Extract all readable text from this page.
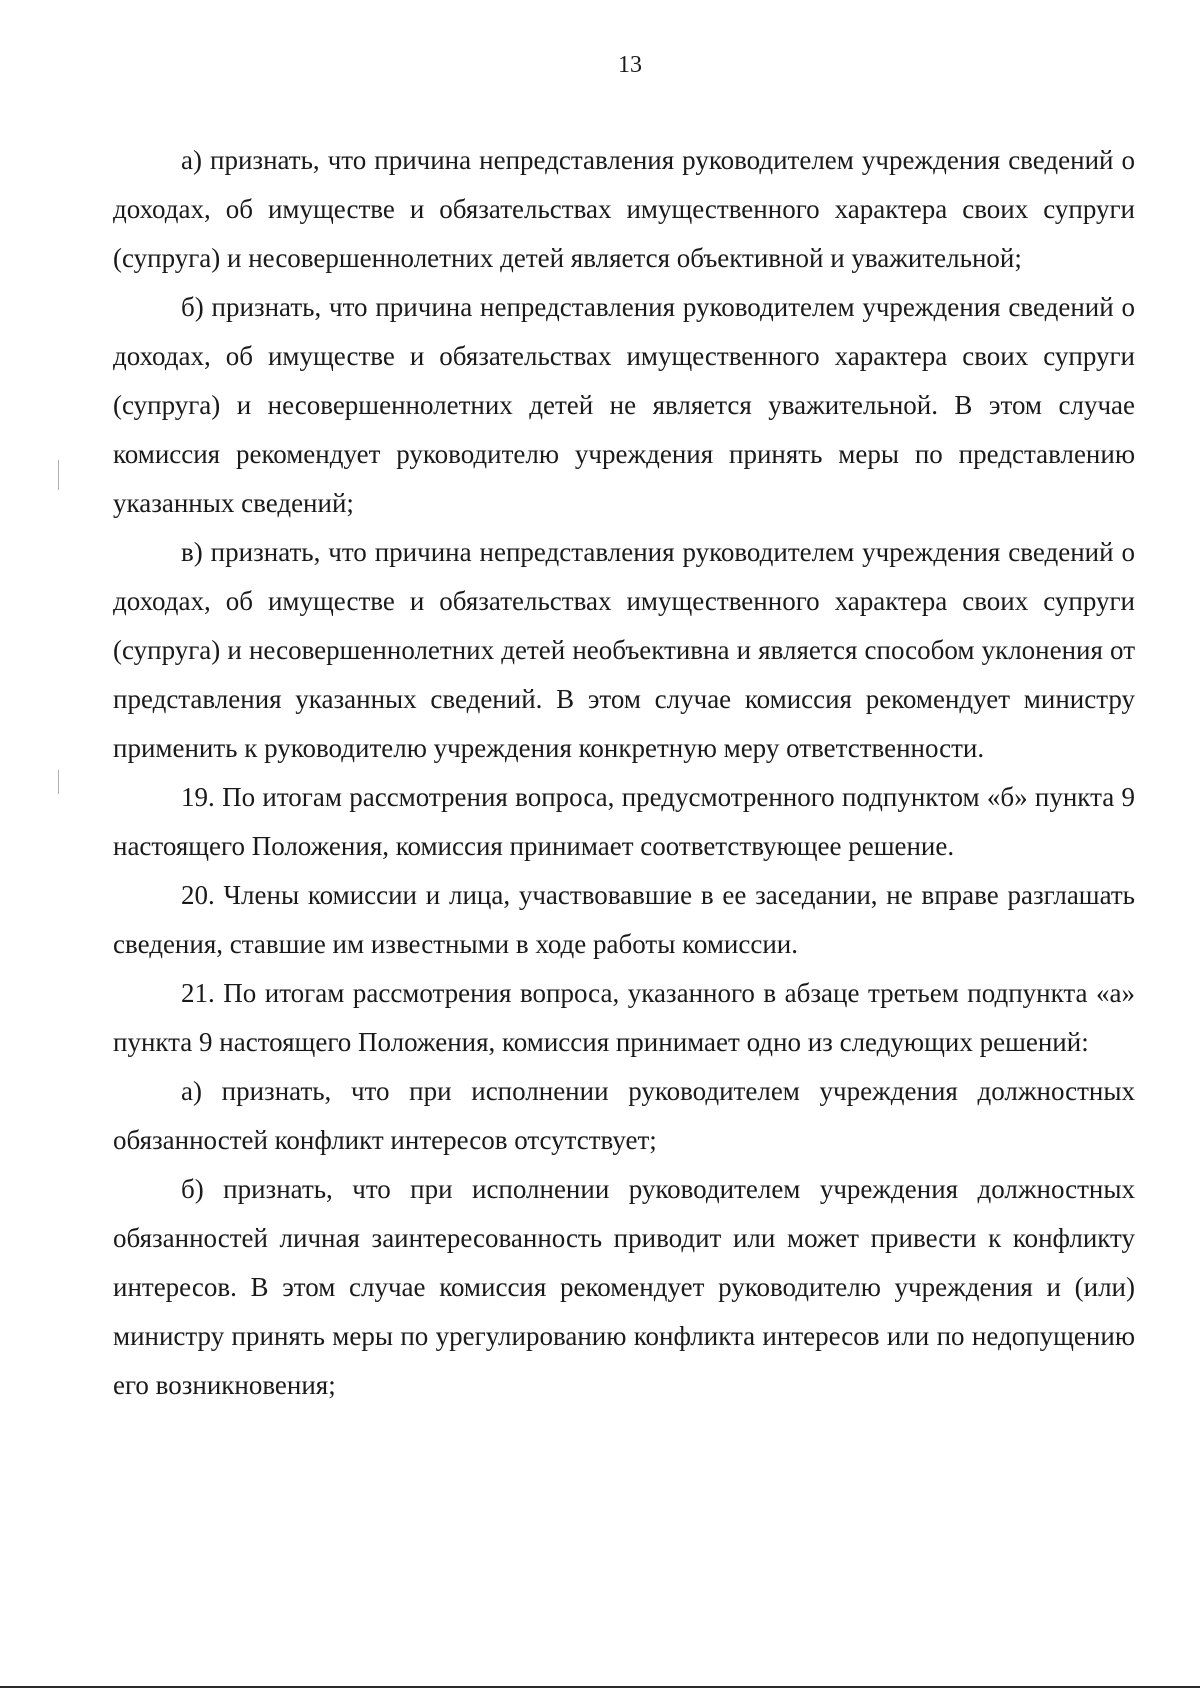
13

а) признать, что причина непредставления руководителем учреждения сведений о доходах, об имуществе и обязательствах имущественного характера своих супруги (супруга) и несовершеннолетних детей является объективной и уважительной;

б) признать, что причина непредставления руководителем учреждения сведений о доходах, об имуществе и обязательствах имущественного характера своих супруги (супруга) и несовершеннолетних детей не является уважительной. В этом случае комиссия рекомендует руководителю учреждения принять меры по представлению указанных сведений;

в) признать, что причина непредставления руководителем учреждения сведений о доходах, об имуществе и обязательствах имущественного характера своих супруги (супруга) и несовершеннолетних детей необъективна и является способом уклонения от представления указанных сведений. В этом случае комиссия рекомендует министру применить к руководителю учреждения конкретную меру ответственности.

19. По итогам рассмотрения вопроса, предусмотренного подпунктом «б» пункта 9 настоящего Положения, комиссия принимает соответствующее решение.

20. Члены комиссии и лица, участвовавшие в ее заседании, не вправе разглашать сведения, ставшие им известными в ходе работы комиссии.

21. По итогам рассмотрения вопроса, указанного в абзаце третьем подпункта «а» пункта 9 настоящего Положения, комиссия принимает одно из следующих решений:

а) признать, что при исполнении руководителем учреждения должностных обязанностей конфликт интересов отсутствует;

б) признать, что при исполнении руководителем учреждения должностных обязанностей личная заинтересованность приводит или может привести к конфликту интересов. В этом случае комиссия рекомендует руководителю учреждения и (или) министру принять меры по урегулированию конфликта интересов или по недопущению его возникновения;
